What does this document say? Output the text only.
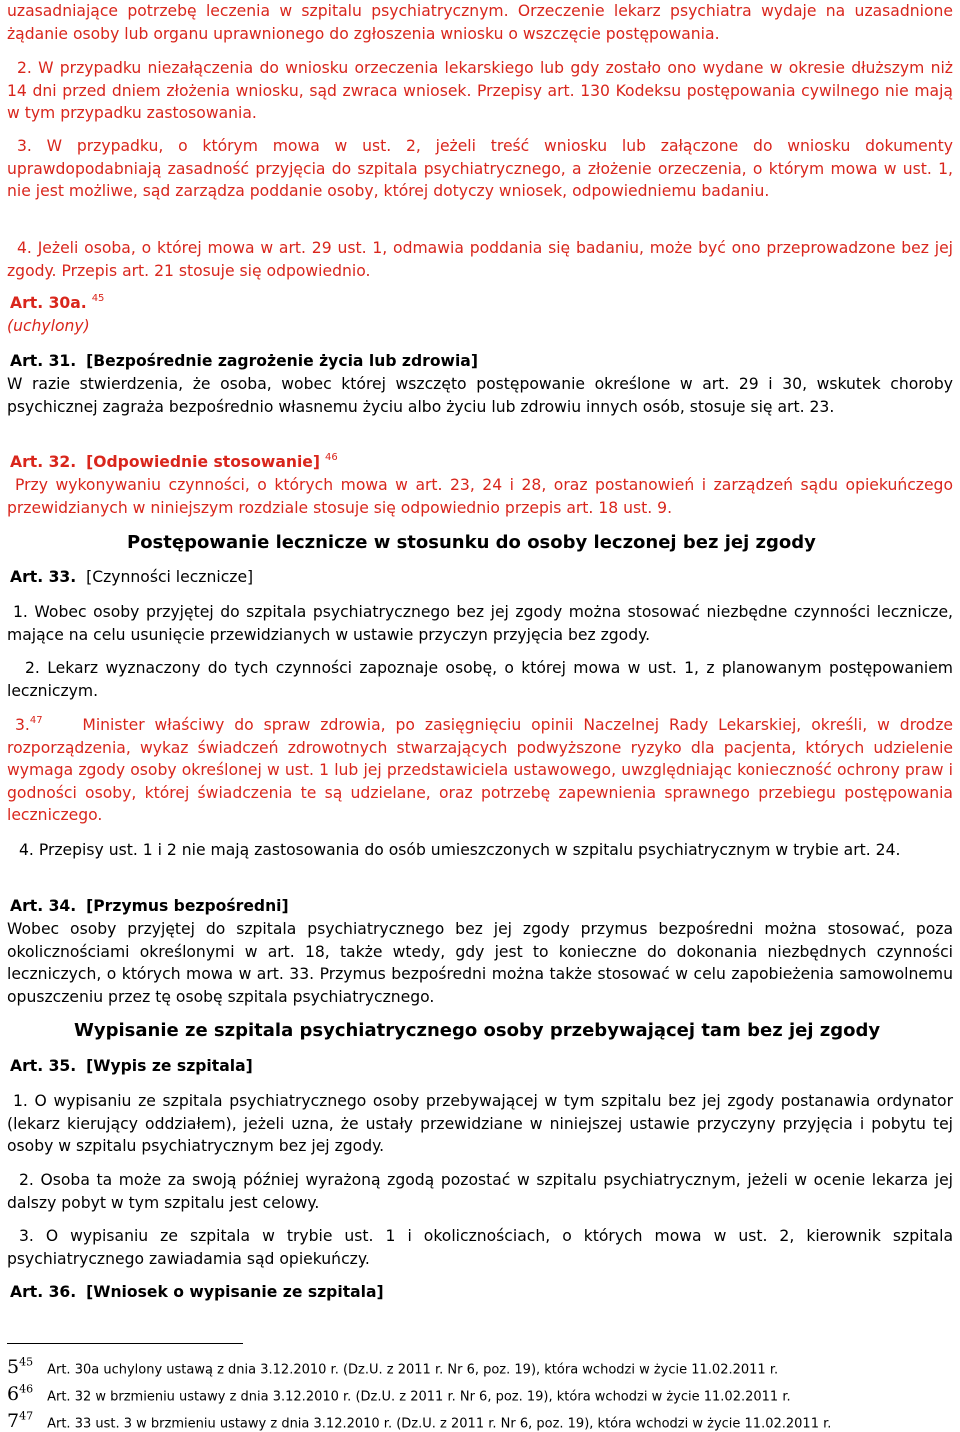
uzasadniające potrzebę leczenia w szpitalu psychiatrycznym. Orzeczenie lekarz psychiatra wydaje na uzasadnione żądanie osoby lub organu uprawnionego do zgłoszenia wniosku o wszczęcie postępowania.

2. W przypadku niezałączenia do wniosku orzeczenia lekarskiego lub gdy zostało ono wydane w okresie dłuższym niż 14 dni przed dniem złożenia wniosku, sąd zwraca wniosek. Przepisy art. 130 Kodeksu postępowania cywilnego nie mają w tym przypadku zastosowania.

3. W przypadku, o którym mowa w ust. 2, jeżeli treść wniosku lub załączone do wniosku dokumenty uprawdopodabniają zasadność przyjęcia do szpitala psychiatrycznego, a złożenie orzeczenia, o którym mowa w ust. 1, nie jest możliwe, sąd zarządza poddanie osoby, której dotyczy wniosek, odpowiedniemu badaniu.

4. Jeżeli osoba, o której mowa w art. 29 ust. 1, odmawia poddania się badaniu, może być ono przeprowadzone bez jej zgody. Przepis art. 21 stosuje się odpowiednio.

Art. 30a. $^{45}$

(uchylony)

Art. 31. [Bezpośrednie zagrożenie życia lub zdrowia]

W razie stwierdzenia, że osoba, wobec której wszczęto postępowanie określone w art. 29 i 30, wskutek choroby psychicznej zagraża bezpośrednio własnemu życiu albo życiu lub zdrowiu innych osób, stosuje się art. 23.

Art. 32. [Odpowiednie stosowanie] $^{46}$

Przy wykonywaniu czynności, o których mowa w art. 23, 24 i 28, oraz postanowień i zarządzeń sądu opiekuńczego przewidzianych w niniejszym rozdziale stosuje się odpowiednio przepis art. 18 ust. 9.

Postępowanie lecznicze w stosunku do osoby leczonej bez jej zgody

Art. 33. [Czynności lecznicze]

1. Wobec osoby przyjętej do szpitala psychiatrycznego bez jej zgody można stosować niezbędne czynności lecznicze, mające na celu usunięcie przewidzianych w ustawie przyczyn przyjęcia bez zgody.

2. Lekarz wyznaczony do tych czynności zapoznaje osobę, o której mowa w ust. 1, z planowanym postępowaniem leczniczym.

3.47	Minister właściwy do spraw zdrowia, po zasięgnięciu opinii Naczelnej Rady Lekarskiej, określi, w drodze rozporządzenia, wykaz świadczeń zdrowotnych stwarzających podwyższone ryzyko dla pacjenta, których udzielenie wymaga zgody osoby określonej w ust. 1 lub jej przedstawiciela ustawowego, uwzględniając konieczność ochrony praw i godności osoby, której świadczenia te są udzielane, oraz potrzebę zapewnienia sprawnego przebiegu postępowania leczniczego.

4. Przepisy ust. 1 i 2 nie mają zastosowania do osób umieszczonych w szpitalu psychiatrycznym w trybie art. 24.

Art. 34. [Przymus bezpośredni]

Wobec osoby przyjętej do szpitala psychiatrycznego bez jej zgody przymus bezpośredni można stosować, poza okolicznościami określonymi w art. 18, także wtedy, gdy jest to konieczne do dokonania niezbędnych czynności leczniczych, o których mowa w art. 33. Przymus bezpośredni można także stosować w celu zapobieżenia samowolnemu opuszczeniu przez tę osobę szpitala psychiatrycznego.

Wypisanie ze szpitala psychiatrycznego osoby przebywającej tam bez jej zgody

Art. 35. [Wypis ze szpitala]

1. O wypisaniu ze szpitala psychiatrycznego osoby przebywającej w tym szpitalu bez jej zgody postanawia ordynator (lekarz kierujący oddziałem), jeżeli uzna, że ustały przewidziane w niniejszej ustawie przyczyny przyjęcia i pobytu tej osoby w szpitalu psychiatrycznym bez jej zgody.

2. Osoba ta może za swoją później wyrażoną zgodą pozostać w szpitalu psychiatrycznym, jeżeli w ocenie lekarza jej dalszy pobyt w tym szpitalu jest celowy.

3. O wypisaniu ze szpitala w trybie ust. 1 i okolicznościach, o których mowa w ust. 2, kierownik szpitala psychiatrycznego zawiadamia sąd opiekuńczy.

Art. 36. [Wniosek o wypisanie ze szpitala]

$5^{45}$ Art. 30a uchylony ustawą z dnia 3.12.2010 r. (Dz.U. z 2011 r. Nr 6, poz. 19), która wchodzi w życie 11.02.2011 r.
$6^{46}$ Art. 32 w brzmieniu ustawy z dnia 3.12.2010 r. (Dz.U. z 2011 r. Nr 6, poz. 19), która wchodzi w życie 11.02.2011 r.
$7^{47}$ Art. 33 ust. 3 w brzmieniu ustawy z dnia 3.12.2010 r. (Dz.U. z 2011 r. Nr 6, poz. 19), która wchodzi w życie 11.02.2011 r.
